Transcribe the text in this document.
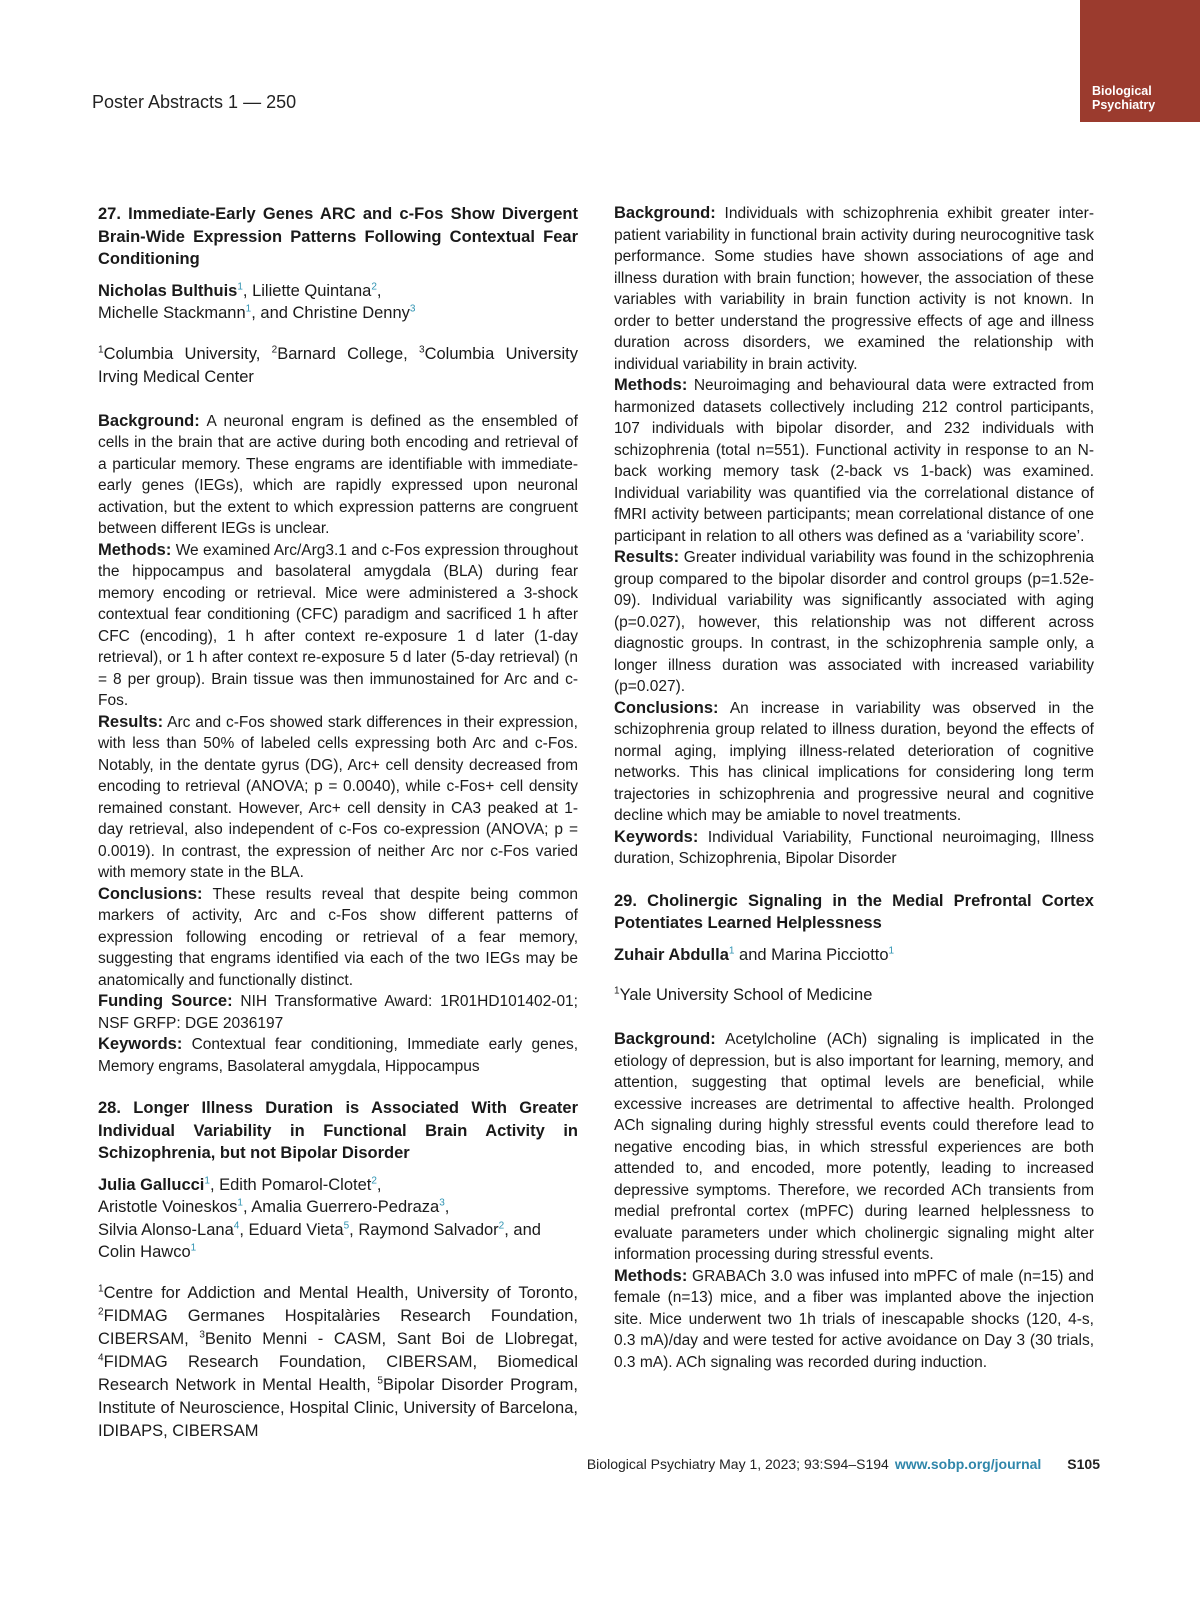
Poster Abstracts 1 — 250
Biological
Psychiatry
27. Immediate-Early Genes ARC and c-Fos Show Divergent Brain-Wide Expression Patterns Following Contextual Fear Conditioning
Nicholas Bulthuis$^1$, Liliette Quintana$^2$,
Michelle Stackmann$^1$, and Christine Denny$^3$
$^1$Columbia University, $^2$Barnard College, $^3$Columbia University Irving Medical Center

Background: A neuronal engram is defined as the ensembled of cells in the brain that are active during both encoding and retrieval of a particular memory. These engrams are identifiable with immediate-early genes (IEGs), which are rapidly expressed upon neuronal activation, but the extent to which expression patterns are congruent between different IEGs is unclear.

Methods: We examined Arc/Arg3.1 and c-Fos expression throughout the hippocampus and basolateral amygdala (BLA) during fear memory encoding or retrieval. Mice were administered a 3-shock contextual fear conditioning (CFC) paradigm and sacrificed 1 h after CFC (encoding), 1 h after context re-exposure 1 d later (1-day retrieval), or 1 h after context re-exposure 5 d later (5-day retrieval) (n = 8 per group). Brain tissue was then immunostained for Arc and c-Fos.

Results: Arc and c-Fos showed stark differences in their expression, with less than 50% of labeled cells expressing both Arc and c-Fos. Notably, in the dentate gyrus (DG), Arc+ cell density decreased from encoding to retrieval (ANOVA; p = 0.0040), while c-Fos+ cell density remained constant. However, Arc+ cell density in CA3 peaked at 1-day retrieval, also independent of c-Fos co-expression (ANOVA; p = 0.0019). In contrast, the expression of neither Arc nor c-Fos varied with memory state in the BLA.

Conclusions: These results reveal that despite being common markers of activity, Arc and c-Fos show different patterns of expression following encoding or retrieval of a fear memory, suggesting that engrams identified via each of the two IEGs may be anatomically and functionally distinct.

Funding Source: NIH Transformative Award: 1R01HD101402-01; NSF GRFP: DGE 2036197

Keywords: Contextual fear conditioning, Immediate early genes, Memory engrams, Basolateral amygdala, Hippocampus

28. Longer Illness Duration is Associated With Greater Individual Variability in Functional Brain Activity in Schizophrenia, but not Bipolar Disorder
Julia Gallucci$^1$, Edith Pomarol-Clotet$^2$,
Aristotle Voineskos$^1$, Amalia Guerrero-Pedraza$^3$,
Silvia Alonso-Lana$^4$, Eduard Vieta$^5$, Raymond Salvador$^2$, and Colin Hawco$^1$
$^1$Centre for Addiction and Mental Health, University of Toronto, $^2$FIDMAG Germanes Hospitalàries Research Foundation, CIBERSAM, $^3$Benito Menni - CASM, Sant Boi de Llobregat, $^4$FIDMAG Research Foundation, CIBERSAM, Biomedical Research Network in Mental Health, $^5$Bipolar Disorder Program, Institute of Neuroscience, Hospital Clinic, University of Barcelona, IDIBAPS, CIBERSAM

Background: Individuals with schizophrenia exhibit greater inter-patient variability in functional brain activity during neurocognitive task performance. Some studies have shown associations of age and illness duration with brain function; however, the association of these variables with variability in brain function activity is not known. In order to better understand the progressive effects of age and illness duration across disorders, we examined the relationship with individual variability in brain activity.

Methods: Neuroimaging and behavioural data were extracted from harmonized datasets collectively including 212 control participants, 107 individuals with bipolar disorder, and 232 individuals with schizophrenia (total n=551). Functional activity in response to an N-back working memory task (2-back vs 1-back) was examined. Individual variability was quantified via the correlational distance of fMRI activity between participants; mean correlational distance of one participant in relation to all others was defined as a ‘variability score’.

Results: Greater individual variability was found in the schizophrenia group compared to the bipolar disorder and control groups (p=1.52e-09). Individual variability was significantly associated with aging (p=0.027), however, this relationship was not different across diagnostic groups. In contrast, in the schizophrenia sample only, a longer illness duration was associated with increased variability (p=0.027).

Conclusions: An increase in variability was observed in the schizophrenia group related to illness duration, beyond the effects of normal aging, implying illness-related deterioration of cognitive networks. This has clinical implications for considering long term trajectories in schizophrenia and progressive neural and cognitive decline which may be amiable to novel treatments.

Keywords: Individual Variability, Functional neuroimaging, Illness duration, Schizophrenia, Bipolar Disorder

29. Cholinergic Signaling in the Medial Prefrontal Cortex Potentiates Learned Helplessness
Zuhair Abdulla$^1$ and Marina Picciotto$^1$
$^1$Yale University School of Medicine

Background: Acetylcholine (ACh) signaling is implicated in the etiology of depression, but is also important for learning, memory, and attention, suggesting that optimal levels are beneficial, while excessive increases are detrimental to affective health. Prolonged ACh signaling during highly stressful events could therefore lead to negative encoding bias, in which stressful experiences are both attended to, and encoded, more potently, leading to increased depressive symptoms. Therefore, we recorded ACh transients from medial prefrontal cortex (mPFC) during learned helplessness to evaluate parameters under which cholinergic signaling might alter information processing during stressful events.

Methods: GRABACh 3.0 was infused into mPFC of male (n=15) and female (n=13) mice, and a fiber was implanted above the injection site. Mice underwent two 1h trials of inescapable shocks (120, 4-s, 0.3 mA)/day and were tested for active avoidance on Day 3 (30 trials, 0.3 mA). ACh signaling was recorded during induction.

Biological Psychiatry May 1, 2023; 93:S94–S194 www.sobp.org/journal S105
